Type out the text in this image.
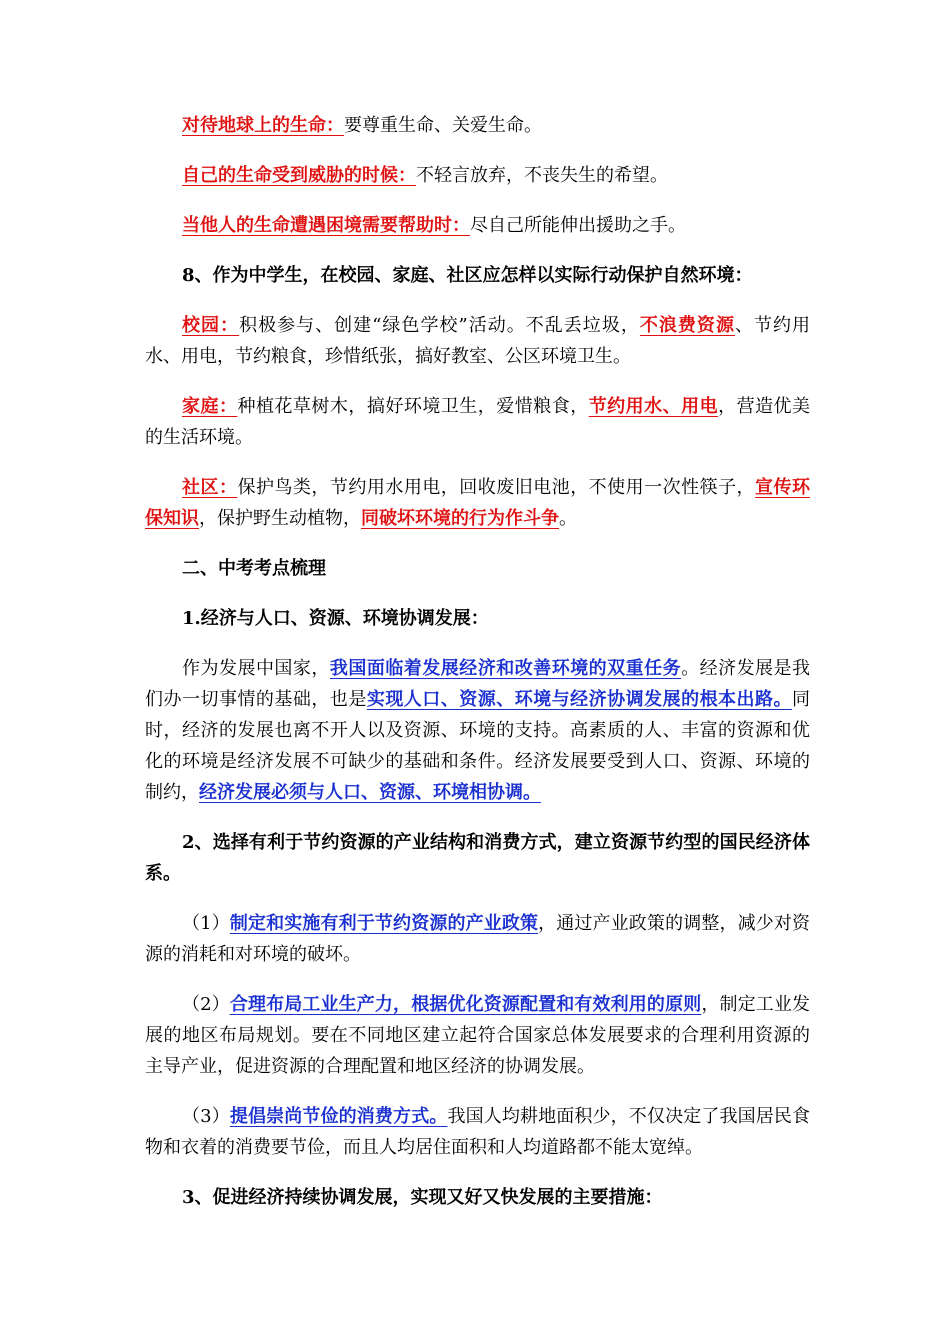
对待地球上的生命：要尊重生命、关爱生命。

自己的生命受到威胁的时候：不轻言放弃，不丧失生的希望。

当他人的生命遭遇困境需要帮助时：尽自己所能伸出援助之手。

8、作为中学生，在校园、家庭、社区应怎样以实际行动保护自然环境：

校园：积极参与、创建“绿色学校”活动。不乱丢垃圾，不浪费资源、节约用水、用电，节约粮食，珍惜纸张，搞好教室、公区环境卫生。

家庭：种植花草树木，搞好环境卫生，爱惜粮食，节约用水、用电，营造优美的生活环境。

社区：保护鸟类，节约用水用电，回收废旧电池，不使用一次性筷子，宣传环保知识，保护野生动植物，同破坏环境的行为作斗争。

二、中考考点梳理

1.经济与人口、资源、环境协调发展：

作为发展中国家，我国面临着发展经济和改善环境的双重任务。经济发展是我们办一切事情的基础，也是实现人口、资源、环境与经济协调发展的根本出路。同时，经济的发展也离不开人以及资源、环境的支持。高素质的人、丰富的资源和优化的环境是经济发展不可缺少的基础和条件。经济发展要受到人口、资源、环境的制约，经济发展必须与人口、资源、环境相协调。

2、选择有利于节约资源的产业结构和消费方式，建立资源节约型的国民经济体系。

（1）制定和实施有利于节约资源的产业政策，通过产业政策的调整，减少对资源的消耗和对环境的破坏。

（2）合理布局工业生产力，根据优化资源配置和有效利用的原则，制定工业发展的地区布局规划。要在不同地区建立起符合国家总体发展要求的合理利用资源的主导产业，促进资源的合理配置和地区经济的协调发展。

（3）提倡崇尚节俭的消费方式。我国人均耕地面积少，不仅决定了我国居民食物和衣着的消费要节俭，而且人均居住面积和人均道路都不能太宽绰。

3、促进经济持续协调发展，实现又好又快发展的主要措施：
